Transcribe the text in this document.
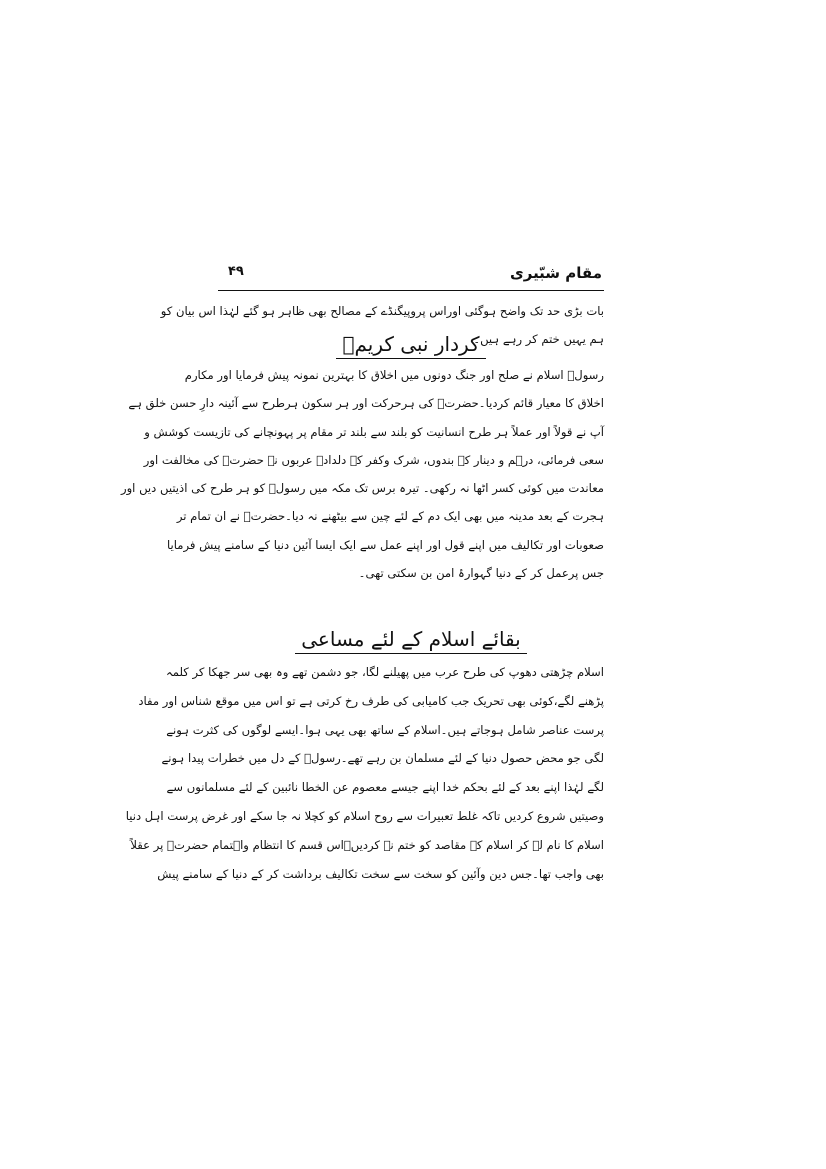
مقام شبّیری
۴۹
بات بڑی حد تک واضح ہوگئی اوراس پروپیگنڈے کے مصالح بھی ظاہر ہو گئے لہٰذا اس بیان کو
ہم یہیں ختم کر رہے ہیں۔
کردار نبی کریمؐ
رسولؐ اسلام نے صلح اور جنگ دونوں میں اخلاق کا بہترین نمونہ پیش فرمایا اور مکارم
اخلاق کا معیار قائم کردیا۔حضرتؐ کی ہرحرکت اور ہر سکون ہرطرح سے آئینہ دارِ حسن خلق ہے
آپ نے قولاً اور عملاً ہر طرح انسانیت کو بلند سے بلند تر مقام پر پہونچانے کی تازیست کوشش و
سعی فرمائی، درہم و دینار کے بندوں، شرک وکفر کے دلدادہ عربوں نے حضرتؐ کی مخالفت اور
معاندت میں کوئی کسر اٹھا نہ رکھی۔ تیرہ برس تک مکہ میں رسولؐ کو ہر طرح کی اذیتیں دیں اور
ہجرت کے بعد مدینہ میں بھی ایک دم کے لئے چین سے بیٹھنے نہ دیا۔حضرتؐ نے ان تمام تر
صعوبات اور تکالیف میں اپنے قول اور اپنے عمل سے ایک ایسا آئین دنیا کے سامنے پیش فرمایا
جس پرعمل کر کے دنیا گہوارۂ امن بن سکتی تھی۔
بقائے اسلام کے لئے مساعی
اسلام چڑھتی دھوپ کی طرح عرب میں پھیلنے لگا، جو دشمن تھے وہ بھی سر جھکا کر کلمہ
پڑھنے لگے،کوئی بھی تحریک جب کامیابی کی طرف رخ کرتی ہے تو اس میں موقع شناس اور مفاد
پرست عناصر شامل ہوجاتے ہیں۔اسلام کے ساتھ بھی یہی ہوا۔ایسے لوگوں کی کثرت ہونے
لگی جو محض حصول دنیا کے لئے مسلمان بن رہے تھے۔رسولؐ کے دل میں خطرات پیدا ہونے
لگے لہٰذا اپنے بعد کے لئے بحکم خدا اپنے جیسے معصوم عن الخطا نائبین کے لئے مسلمانوں سے
وصیتیں شروع کردیں تاکہ غلط تعبیرات سے روح اسلام کو کچلا نہ جا سکے اور غرض پرست اہل دنیا
اسلام کا نام لے کر اسلام کے مقاصد کو ختم نہ کردیں۔اس قسم کا انتظام واہتمام حضرتؐ پر عقلاً
بھی واجب تھا۔جس دین وآئین کو سخت سے سخت تکالیف برداشت کر کے دنیا کے سامنے پیش
